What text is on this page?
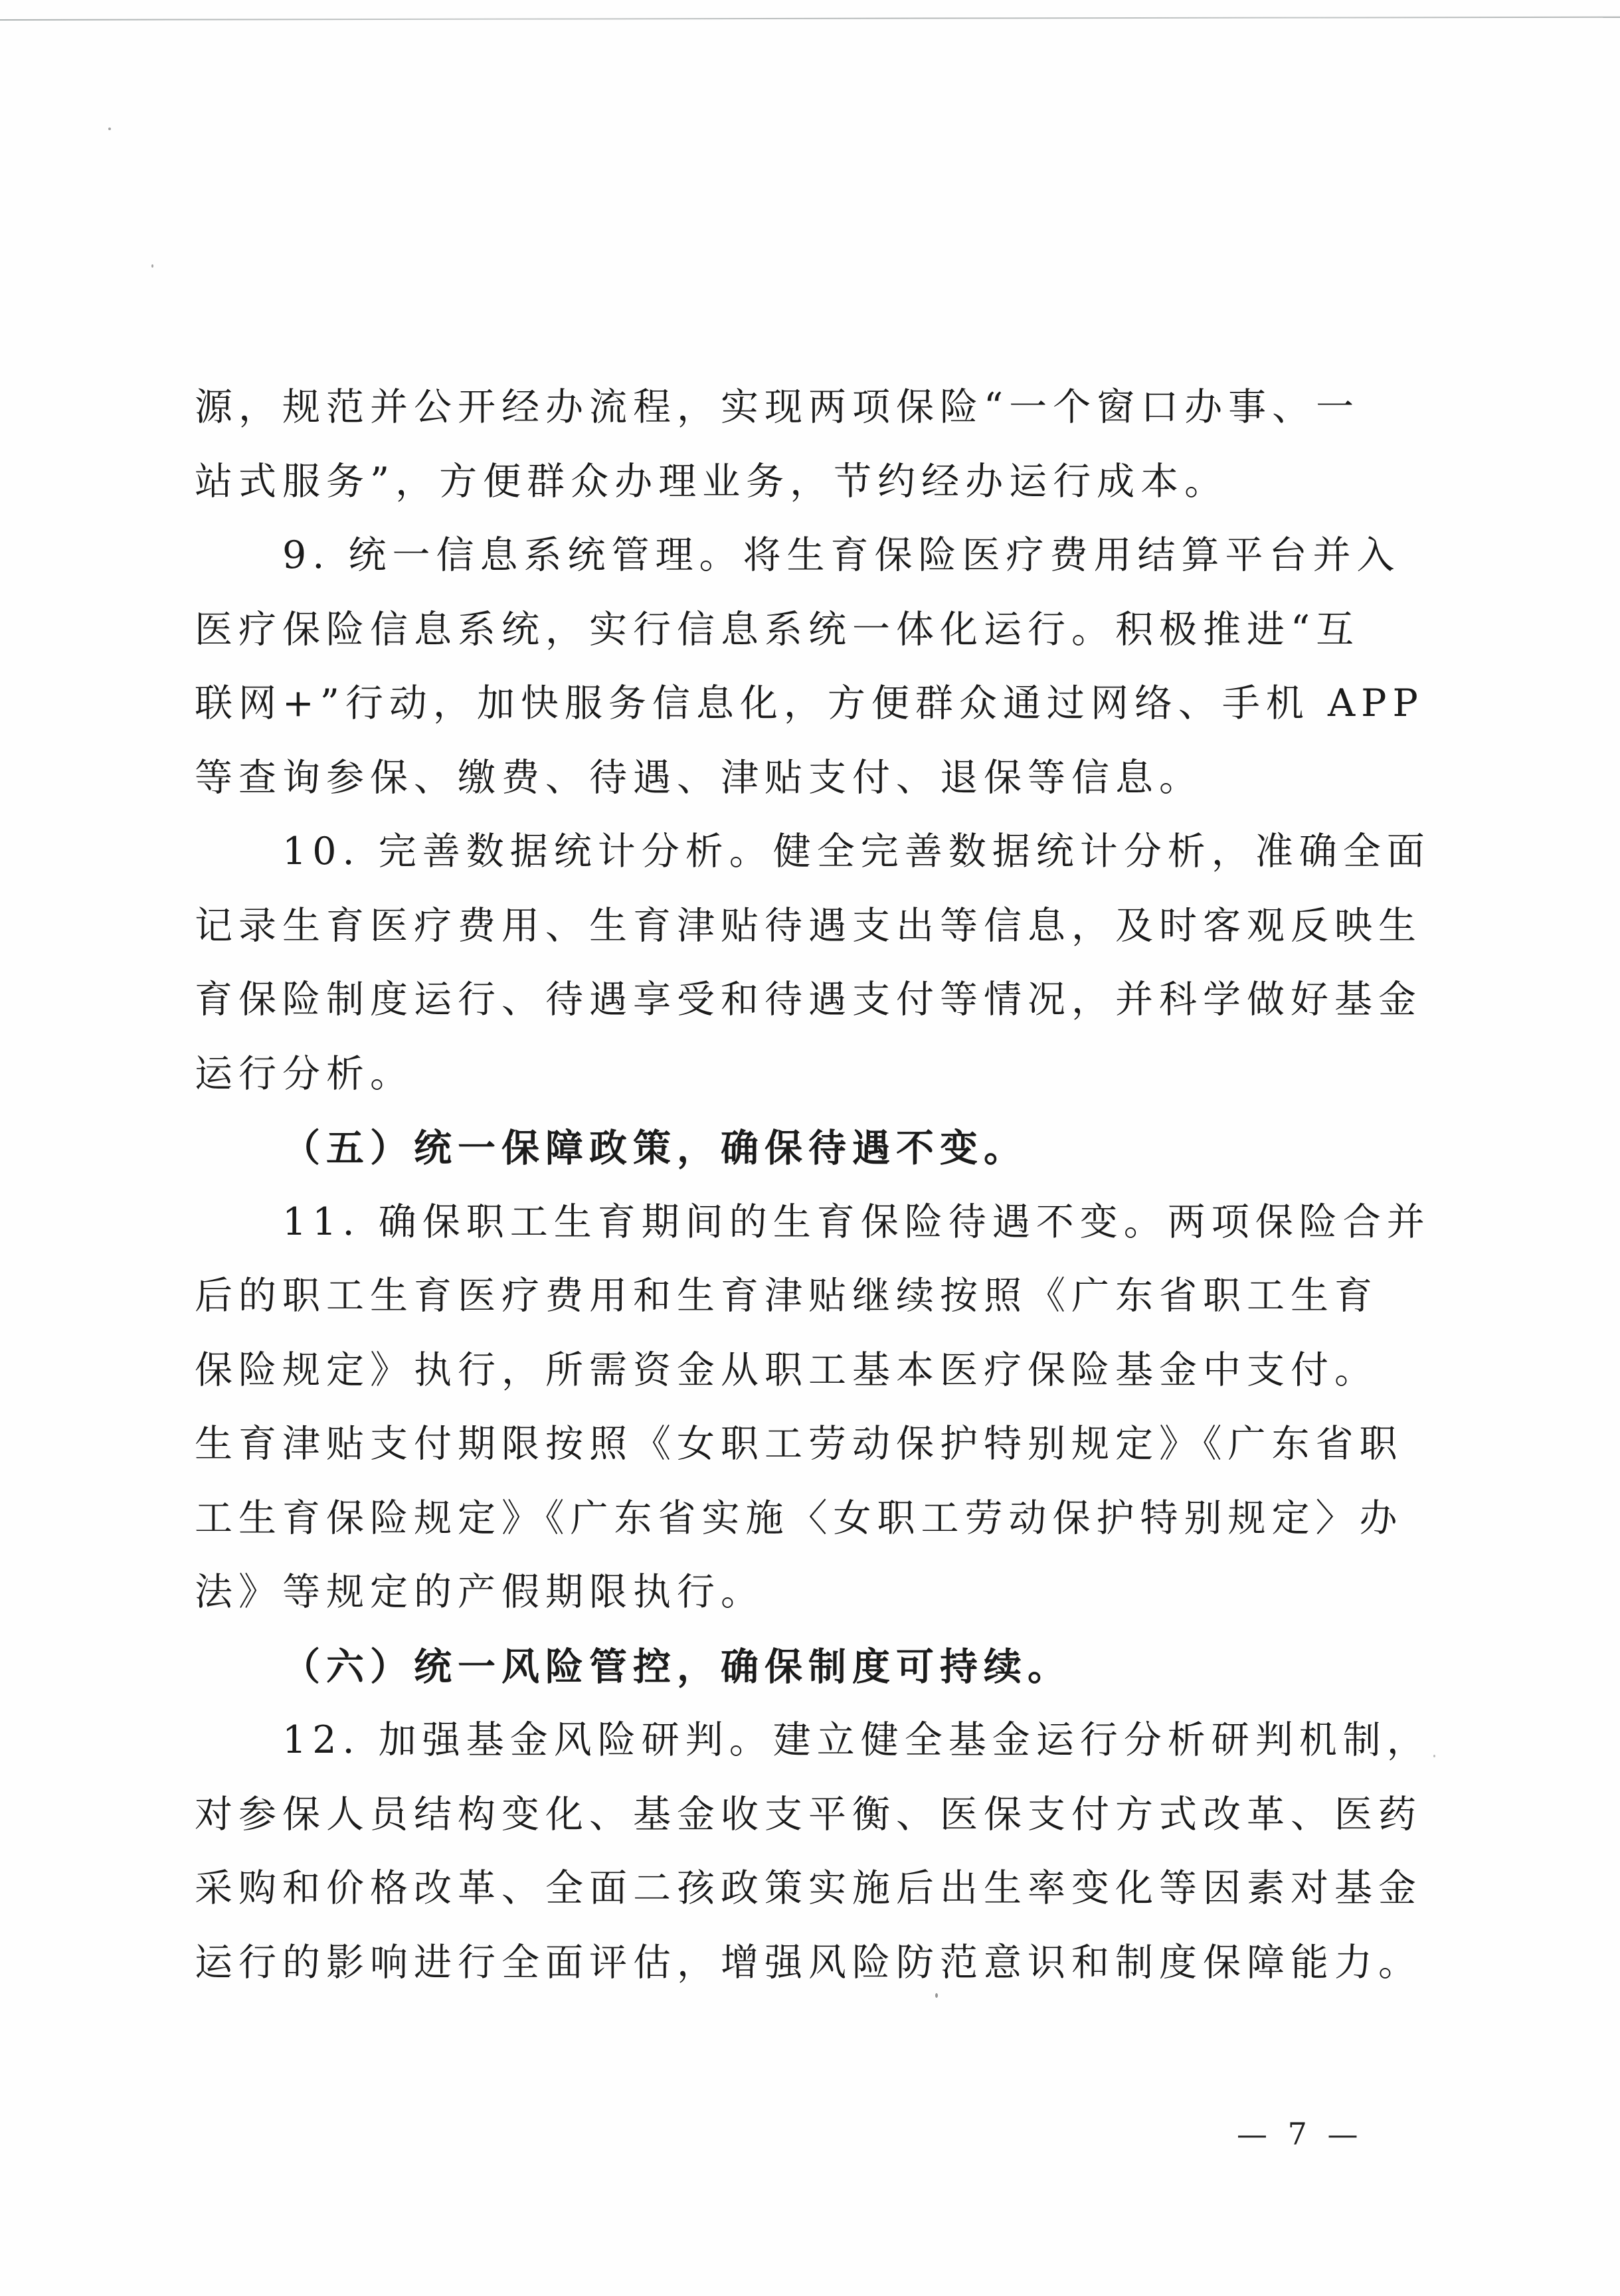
源，规范并公开经办流程，实现两项保险“一个窗口办事、一
站式服务”，方便群众办理业务，节约经办运行成本。
9. 统一信息系统管理。将生育保险医疗费用结算平台并入
医疗保险信息系统，实行信息系统一体化运行。积极推进“互
联网+”行动，加快服务信息化，方便群众通过网络、手机 APP
等查询参保、缴费、待遇、津贴支付、退保等信息。
10. 完善数据统计分析。健全完善数据统计分析，准确全面
记录生育医疗费用、生育津贴待遇支出等信息，及时客观反映生
育保险制度运行、待遇享受和待遇支付等情况，并科学做好基金
运行分析。
（五）统一保障政策，确保待遇不变。
11. 确保职工生育期间的生育保险待遇不变。两项保险合并
后的职工生育医疗费用和生育津贴继续按照《广东省职工生育
保险规定》执行，所需资金从职工基本医疗保险基金中支付。
生育津贴支付期限按照《女职工劳动保护特别规定》《广东省职
工生育保险规定》《广东省实施〈女职工劳动保护特别规定〉办
法》等规定的产假期限执行。
（六）统一风险管控，确保制度可持续。
12. 加强基金风险研判。建立健全基金运行分析研判机制，
对参保人员结构变化、基金收支平衡、医保支付方式改革、医药
采购和价格改革、全面二孩政策实施后出生率变化等因素对基金
运行的影响进行全面评估，增强风险防范意识和制度保障能力。
— 7 —
